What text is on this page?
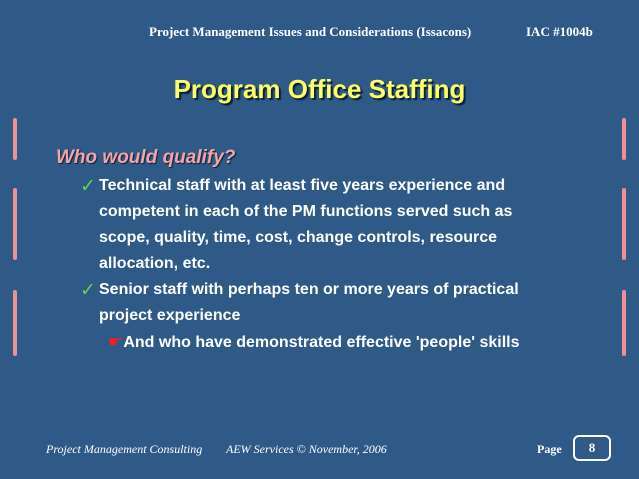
Project Management Issues and Considerations (Issacons)	IAC #1004b
Program Office Staffing
Who would qualify?
✓ Technical staff with at least five years experience and
competent in each of the PM functions served such as
scope, quality, time, cost, change controls, resource
allocation, etc.
✓ Senior staff with perhaps ten or more years of practical
project experience
☛And who have demonstrated effective 'people' skills
Project Management Consulting AEW Services © November, 2006	Page	8
